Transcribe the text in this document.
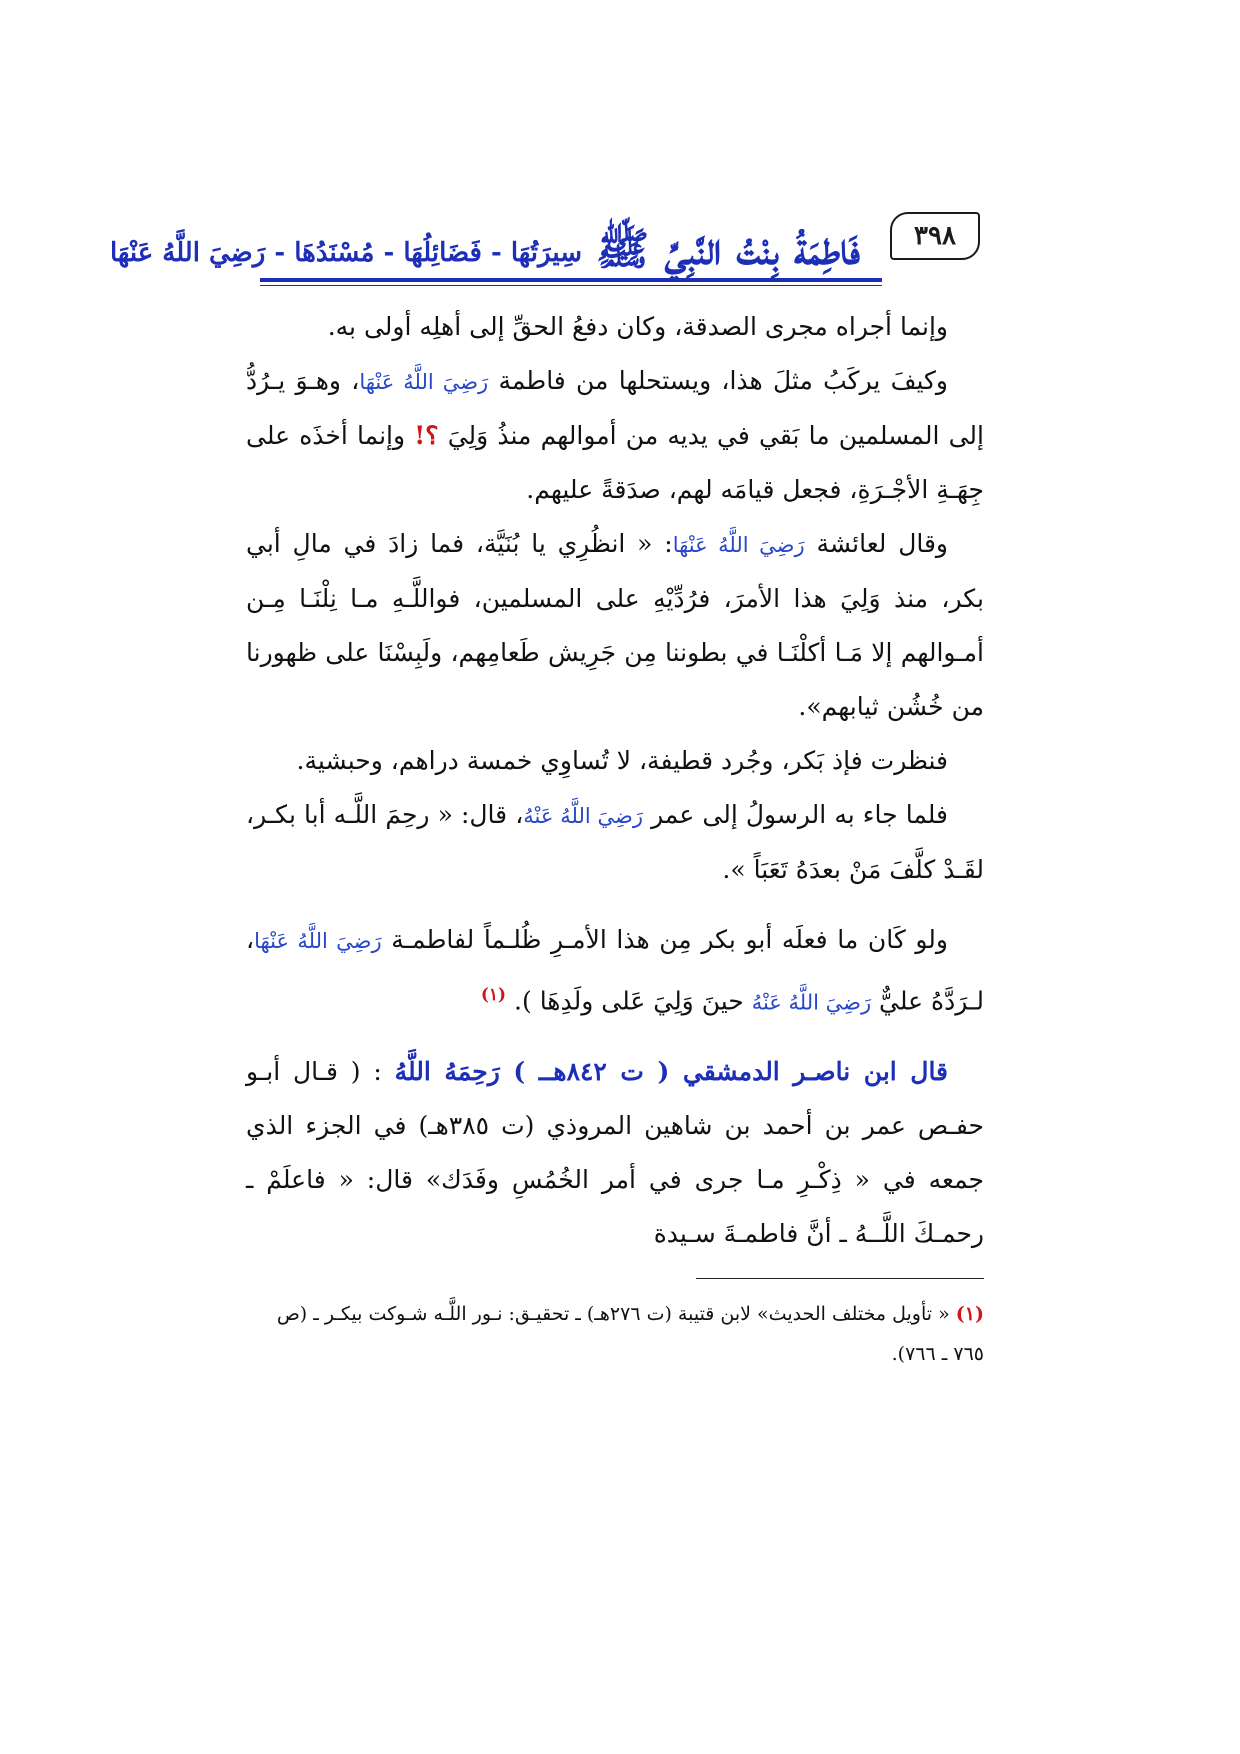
٣٩٨
فَاطِمَةُ بِنْتُ النَّبِيِّ ﷺ
سِيرَتُهَا - فَضَائِلُهَا - مُسْنَدُهَا - رَضِيَ اللَّهُ عَنْهَا

وإنما أجراه مجرى الصدقة، وكان دفعُ الحقِّ إلى أهلِه أولى به.

وكيفَ يركَبُ مثلَ هذا، ويستحلها من فاطمة رَضِيَ اللَّهُ عَنْهَا، وهـوَ يـرُدُّ إلى المسلمين ما بَقي في يديه من أموالهم منذُ وَلِيَ ؟! وإنما أخذَه على جِهَـةِ الأجْـرَةِ، فجعل قيامَه لهم، صدَقةً عليهم.

وقال لعائشة رَضِيَ اللَّهُ عَنْهَا: « انظُرِي يا بُنَيَّة، فما زادَ في مالِ أبي بكر، منذ وَلِيَ هذا الأمرَ، فرُدِّيْهِ على المسلمين، فواللَّـهِ مـا نِلْنَـا مِـن أمـوالهم إلا مَـا أكلْنَـا في بطوننا مِن جَرِيش طَعامِهم، ولَبِسْنَا على ظهورنا من خُشُن ثيابهم».

فنظرت فإذ بَكر، وجُرد قطيفة، لا تُساوِي خمسة دراهم، وحبشية.

فلما جاء به الرسولُ إلى عمر رَضِيَ اللَّهُ عَنْهُ، قال: « رحِمَ اللَّـه أبا بكـر، لقَـدْ كلَّفَ مَنْ بعدَهُ تَعَبَاً ».

ولو كَان ما فعلَه أبو بكر مِن هذا الأمـرِ ظُلـماً لفاطمـة رَضِيَ اللَّهُ عَنْهَا، لـرَدَّهُ عليٌّ رَضِيَ اللَّهُ عَنْهُ حينَ وَلِيَ عَلى ولَدِهَا ). $^{(١)}$

قال ابن ناصـر الدمشقي ( ت ٨٤٢هــ ) رَحِمَهُ اللَّهُ : ( قـال أبـو حفـص عمر بن أحمد بن شاهين المروذي (ت ٣٨٥هـ) في الجزء الذي جمعه في « ذِكْـرِ مـا جرى في أمر الخُمُسِ وفَدَك» قال: « فاعلَمْ ـ رحمـكَ اللَّــهُ ـ أنَّ فاطمـةَ سـيدة

(١) « تأويل مختلف الحديث» لابن قتيبة (ت ٢٧٦هـ) ـ تحقيـق: نـور اللَّـه شـوكت بيكـر ـ (ص ٧٦٥ ـ ٧٦٦).
